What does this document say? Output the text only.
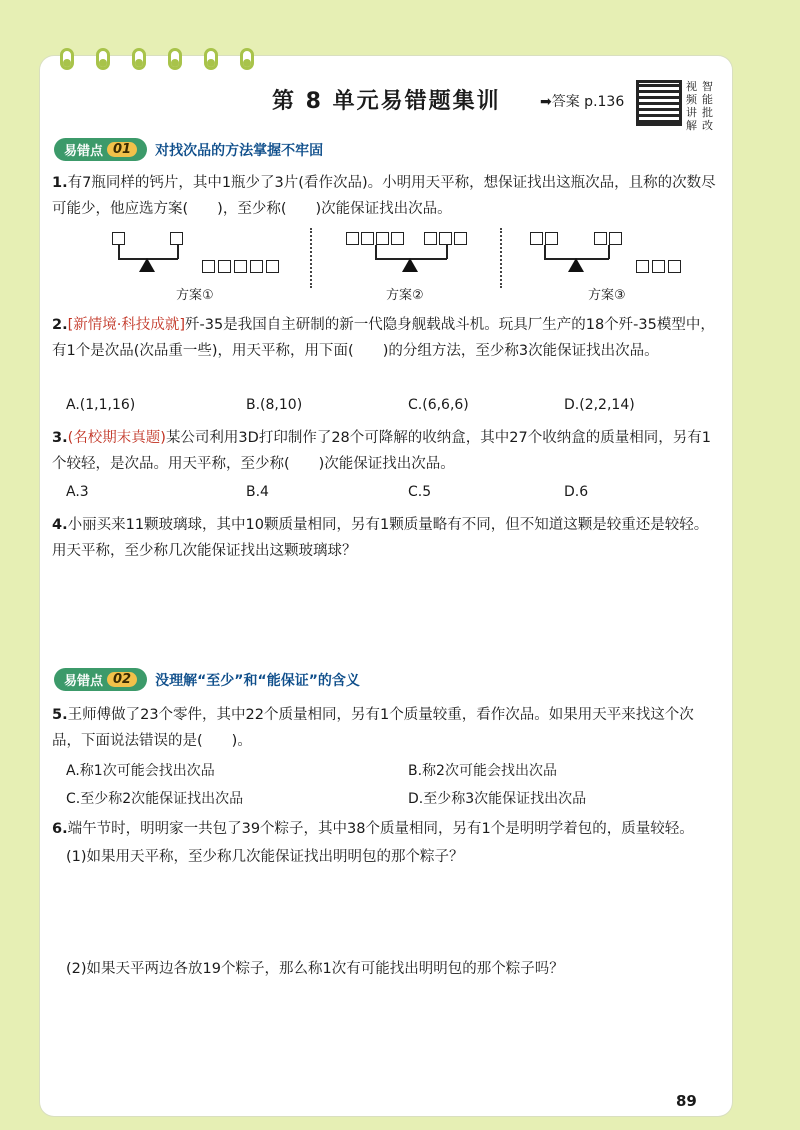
第 8 单元易错题集训	➡答案 p.136
视 智
频 能
讲 批
解 改
易错点 01	对找次品的方法掌握不牢固
1.有7瓶同样的钙片，其中1瓶少了3片(看作次品)。小明用天平称，想保证找出这瓶次品，且称的次数尽可能少，他应选方案(　　)，至少称(　　)次能保证找出次品。
方案①	方案②	方案③
2.[新情境·科技成就]歼-35是我国自主研制的新一代隐身舰载战斗机。玩具厂生产的18个歼-35模型中，有1个是次品(次品重一些)，用天平称，用下面(　　)的分组方法，至少称3次能保证找出次品。
A.(1,1,16)	B.(8,10)	C.(6,6,6)	D.(2,2,14)
3.(名校期末真题)某公司利用3D打印制作了28个可降解的收纳盒，其中27个收纳盒的质量相同，另有1个较轻，是次品。用天平称，至少称(　　)次能保证找出次品。
A.3	B.4	C.5	D.6
4.小丽买来11颗玻璃球，其中10颗质量相同，另有1颗质量略有不同，但不知道这颗是较重还是较轻。用天平称，至少称几次能保证找出这颗玻璃球？
易错点 02	没理解“至少”和“能保证”的含义
5.王师傅做了23个零件，其中22个质量相同，另有1个质量较重，看作次品。如果用天平来找这个次品，下面说法错误的是(　　)。
A.称1次可能会找出次品	B.称2次可能会找出次品
C.至少称2次能保证找出次品	D.至少称3次能保证找出次品
6.端午节时，明明家一共包了39个粽子，其中38个质量相同，另有1个是明明学着包的，质量较轻。
(1)如果用天平称，至少称几次能保证找出明明包的那个粽子？
(2)如果天平两边各放19个粽子，那么称1次有可能找出明明包的那个粽子吗？
89
